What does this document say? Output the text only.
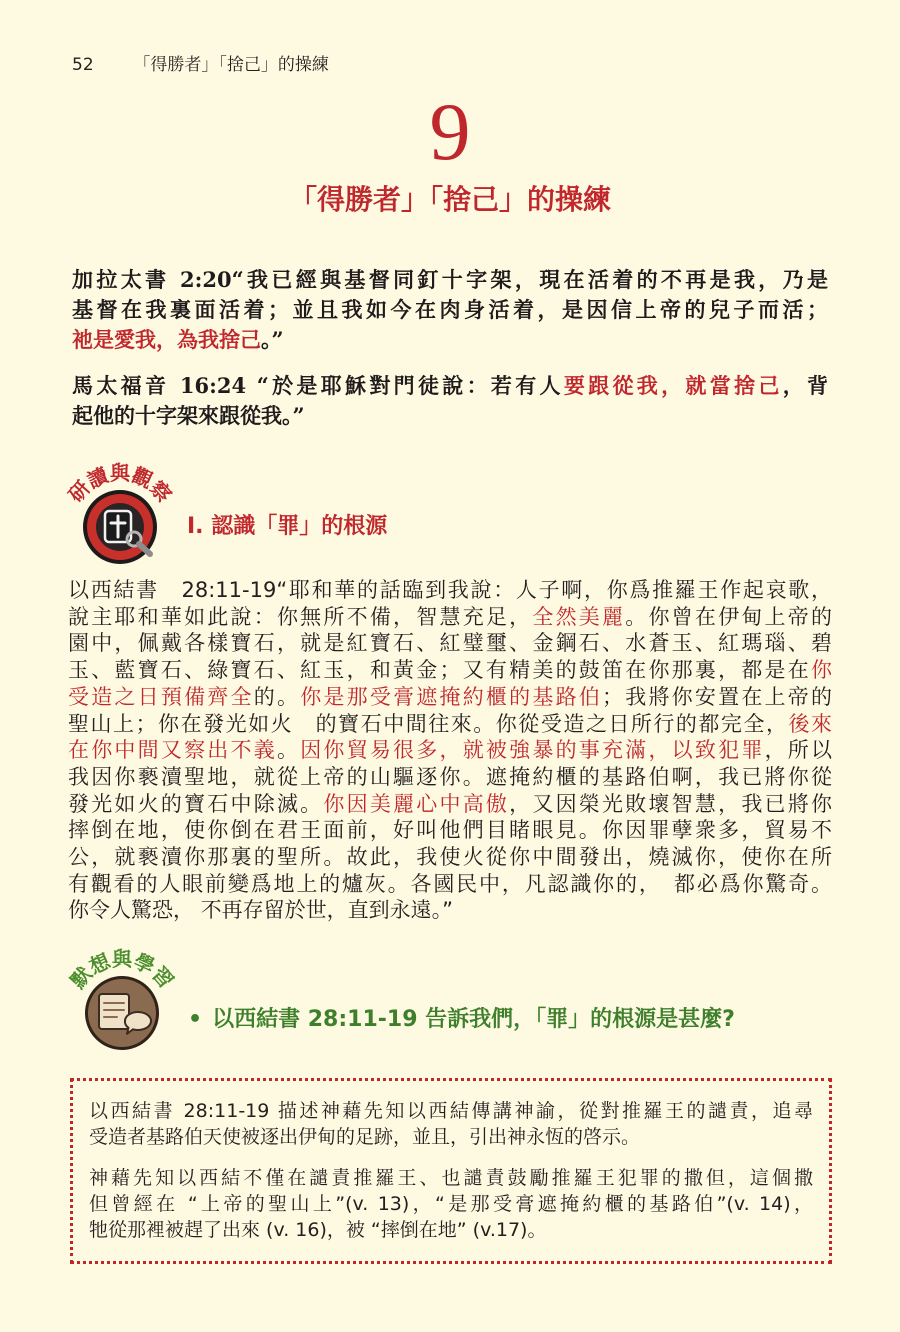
52 「得勝者」「捨己」的操練
9
「得勝者」「捨己」的操練
加拉太書 2:20“我已經與基督同釘十字架，現在活着的不再是我，乃是
基督在我裏面活着；並且我如今在肉身活着，是因信上帝的兒子而活；
祂是愛我，為我捨己。”
馬太福音 16:24 “於是耶穌對門徒說：若有人要跟從我，就當捨己，背
起他的十字架來跟從我。”
研讀與觀察
I. 認識「罪」的根源
以西結書　28:11-19“耶和華的話臨到我說：人子啊，你爲推羅王作起哀歌，
說主耶和華如此說：你無所不備，智慧充足，全然美麗。你曾在伊甸上帝的
園中，佩戴各樣寶石，就是紅寶石、紅璧璽、金鋼石、水蒼玉、紅瑪瑙、碧
玉、藍寶石、綠寶石、紅玉，和黃金；又有精美的鼓笛在你那裏，都是在你
受造之日預備齊全的。你是那受膏遮掩約櫃的基路伯；我將你安置在上帝的
聖山上；你在發光如火　的寶石中間往來。你從受造之日所行的都完全，後來
在你中間又察出不義。因你貿易很多，就被強暴的事充滿，以致犯罪，所以
我因你褻瀆聖地，就從上帝的山驅逐你。遮掩約櫃的基路伯啊，我已將你從
發光如火的寶石中除滅。你因美麗心中高傲，又因榮光敗壞智慧，我已將你
摔倒在地，使你倒在君王面前，好叫他們目睹眼見。你因罪孽衆多，貿易不
公，就褻瀆你那裏的聖所。故此，我使火從你中間發出，燒滅你，使你在所
有觀看的人眼前變爲地上的爐灰。各國民中，凡認識你的，　都必爲你驚奇。
你令人驚恐， 不再存留於世，直到永遠。”
默想與學習
• 以西結書 28:11-19 告訴我們，「罪」的根源是甚麼?
以西結書 28:11-19 描述神藉先知以西結傳講神諭，從對推羅王的譴責，追尋
受造者基路伯天使被逐出伊甸的足跡，並且，引出神永恆的啓示。
神藉先知以西結不僅在譴責推羅王、也譴責鼓勵推羅王犯罪的撒但，這個撒
但曾經在 “上帝的聖山上”(v. 13)，“是那受膏遮掩約櫃的基路伯”(v. 14)，
牠從那裡被趕了出來 (v. 16)，被 “摔倒在地” (v.17)。
